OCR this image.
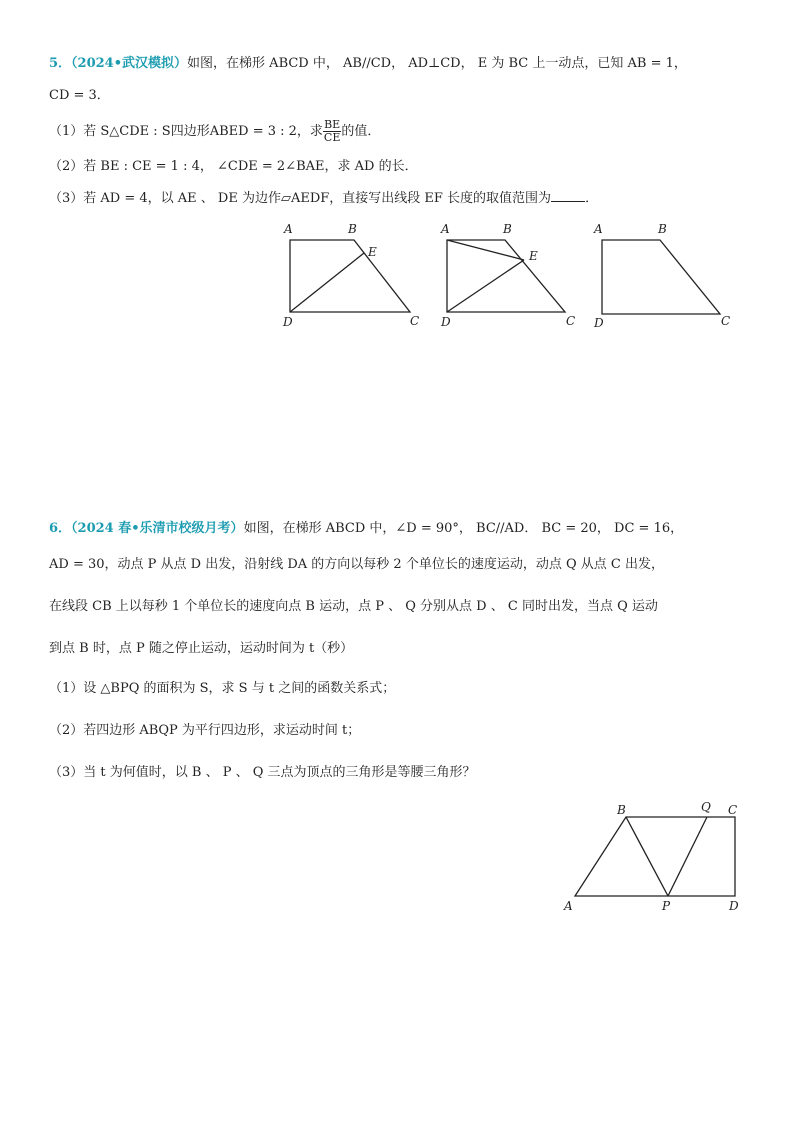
5．（2024•武汉模拟）如图，在梯形 ABCD 中， AB//CD， AD⊥CD， E 为 BC 上一动点，已知 AB = 1，
CD = 3．
（1）若 S△CDE : S四边形ABED = 3 : 2，求 $\frac{BE}{CE}$ 的值．
（2）若 BE : CE = 1 : 4， ∠CDE = 2∠BAE，求 AD 的长．
（3）若 AD = 4，以 AE 、 DE 为边作▱AEDF，直接写出线段 EF 长度的取值范围为	．
A	B
E
D	C
A	B
E
D	C
A	B
D	C
6．（2024 春•乐清市校级月考）如图，在梯形 ABCD 中，∠D = 90°， BC//AD． BC = 20， DC = 16，
AD = 30，动点 P 从点 D 出发，沿射线 DA 的方向以每秒 2 个单位长的速度运动，动点 Q 从点 C 出发，
在线段 CB 上以每秒 1 个单位长的速度向点 B 运动，点 P 、 Q 分别从点 D 、 C 同时出发，当点 Q 运动
到点 B 时，点 P 随之停止运动，运动时间为 t（秒）
（1）设 △BPQ 的面积为 S，求 S 与 t 之间的函数关系式；
（2）若四边形 ABQP 为平行四边形，求运动时间 t；
（3）当 t 为何值时，以 B 、 P 、 Q 三点为顶点的三角形是等腰三角形？
A
B	Q C
P	D
